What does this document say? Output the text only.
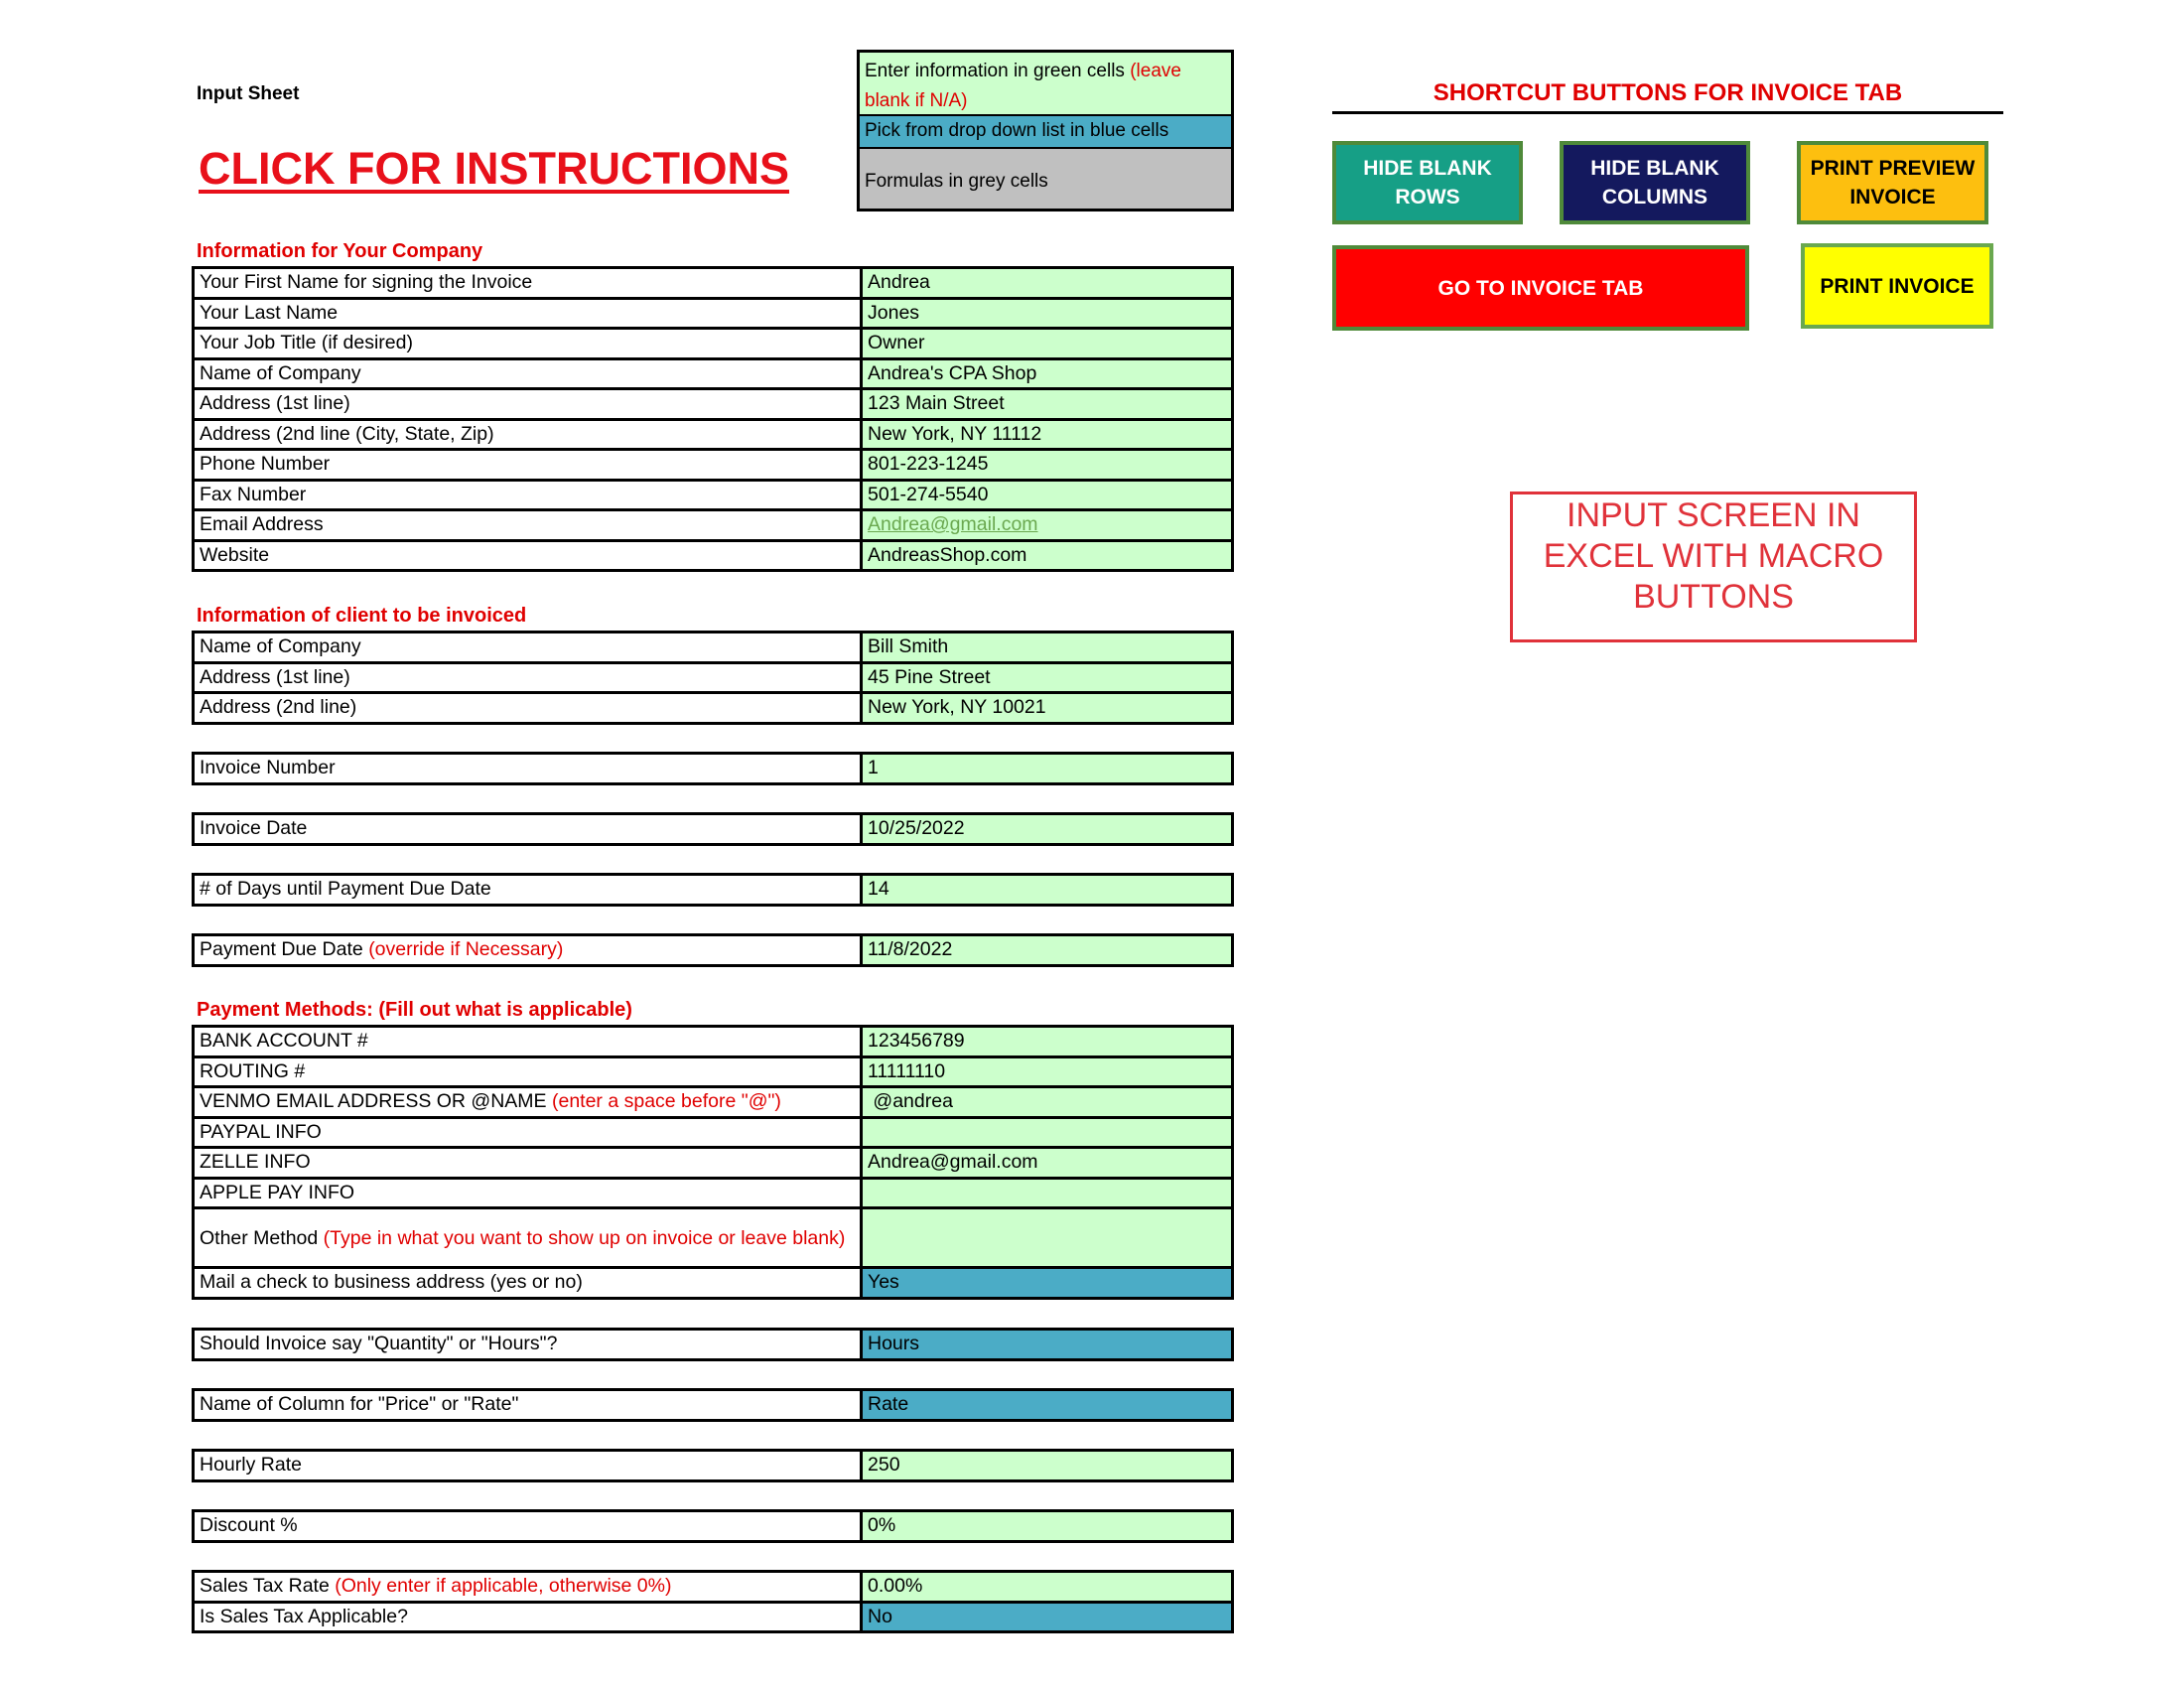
Input Sheet
CLICK FOR INSTRUCTIONS
Enter information in green cells (leave blank if N/A)
Pick from drop down list in blue cells
Formulas in grey cells
Information for Your Company
Your First Name for signing the Invoice	Andrea
Your Last Name	Jones
Your Job Title (if desired)	Owner
Name of Company	Andrea's CPA Shop
Address (1st line)	123 Main Street
Address (2nd line (City, State, Zip)	New York, NY 11112
Phone Number	801-223-1245
Fax Number	501-274-5540
Email Address	Andrea@gmail.com
Website	AndreasShop.com
Information of client to be invoiced
Name of Company	Bill Smith
Address (1st line)	45 Pine Street
Address (2nd line)	New York, NY 10021
Invoice Number	1
Invoice Date	10/25/2022
# of Days until Payment Due Date	14
Payment Due Date (override if Necessary)	11/8/2022
Payment Methods: (Fill out what is applicable)
BANK ACCOUNT #	123456789
ROUTING #	11111110
VENMO EMAIL ADDRESS OR @NAME (enter a space before "@")	@andrea
PAYPAL INFO	
ZELLE INFO	Andrea@gmail.com
APPLE PAY INFO	
Other Method (Type in what you want to show up on invoice or leave blank)	
Mail a check to business address (yes or no)	Yes
Should Invoice say "Quantity" or "Hours"?	Hours
Name of Column for "Price" or "Rate"	Rate
Hourly Rate	250
Discount %	0%
Sales Tax Rate (Only enter if applicable, otherwise 0%)	0.00%
Is Sales Tax Applicable?	No
SHORTCUT BUTTONS FOR INVOICE TAB
HIDE BLANK ROWS
HIDE BLANK COLUMNS
PRINT PREVIEW INVOICE
GO TO INVOICE TAB	PRINT INVOICE
INPUT SCREEN IN EXCEL WITH MACRO BUTTONS
